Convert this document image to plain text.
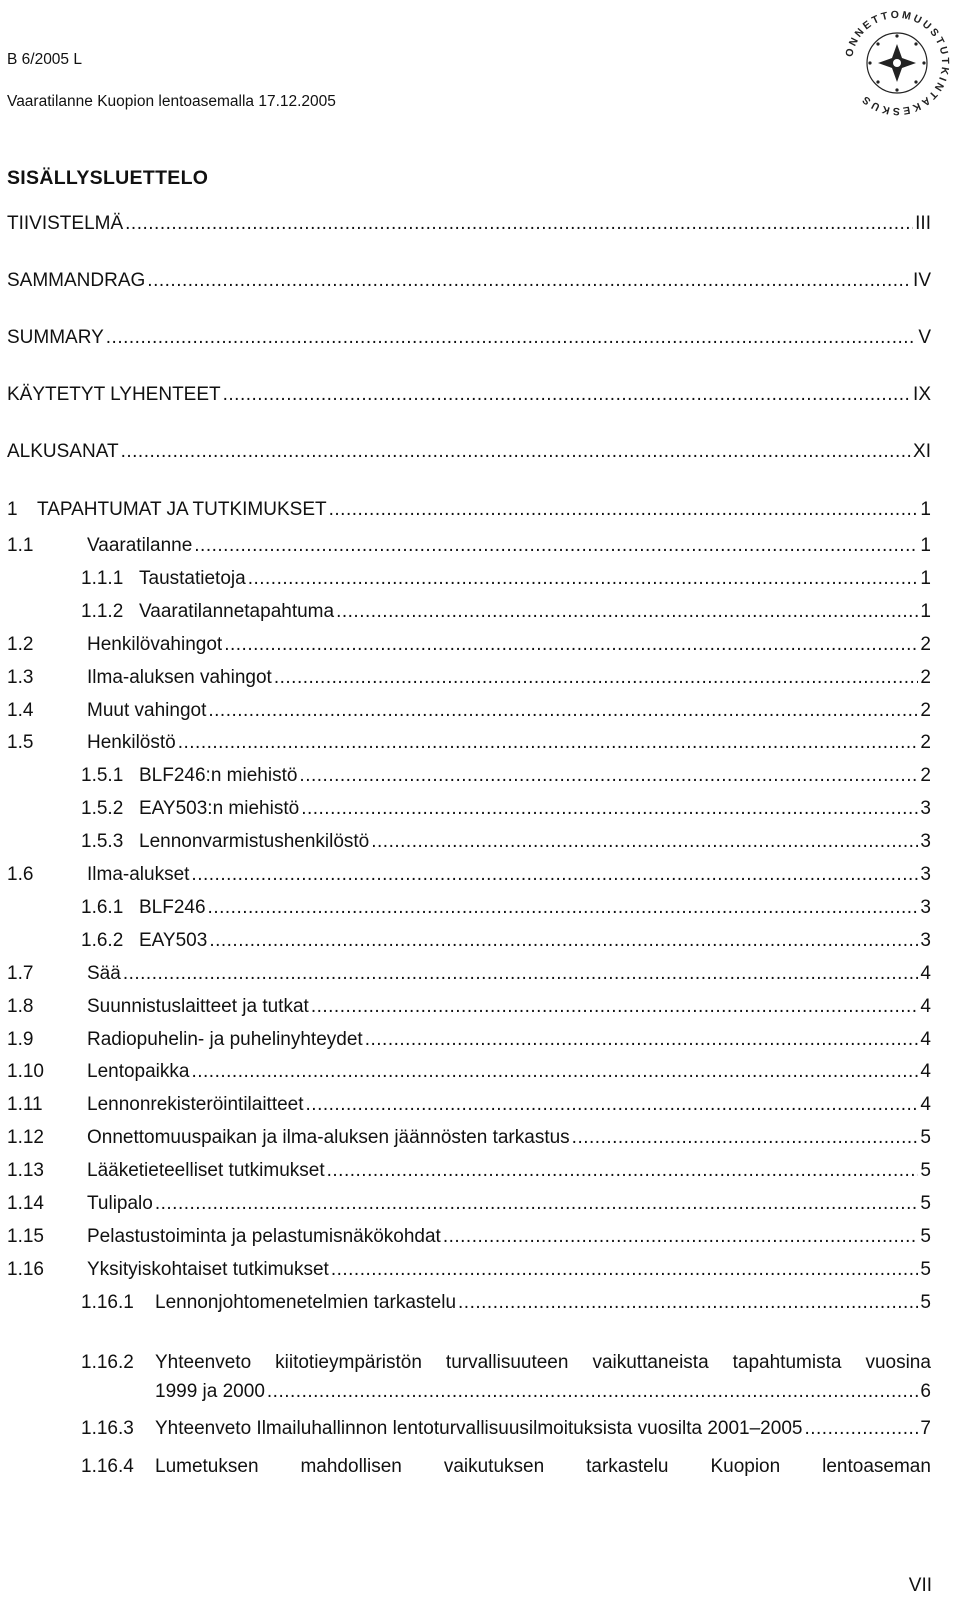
B 6/2005 L
Vaaratilanne Kuopion lentoasemalla 17.12.2005
ONNETTOMUUSTUTKINTAKESKUS
SISÄLLYSLUETTELO
TIIVISTELMÄ .....	III
SAMMANDRAG .....	IV
SUMMARY .....	V
KÄYTETYT LYHENTEET .....	IX
ALKUSANAT .....	XI
1	TAPAHTUMAT JA TUTKIMUKSET .....	1
1.1	Vaaratilanne .....	1
1.1.1 Taustatietoja .....	1
1.1.2 Vaaratilannetapahtuma .....	1
1.2	Henkilövahingot .....	2
1.3	Ilma-aluksen vahingot .....	2
1.4	Muut vahingot .....	2
1.5	Henkilöstö .....	2
1.5.1 BLF246:n miehistö .....	2
1.5.2 EAY503:n miehistö .....	3
1.5.3 Lennonvarmistushenkilöstö .....	3
1.6	Ilma-alukset .....	3
1.6.1 BLF246 .....	3
1.6.2 EAY503 .....	3
1.7	Sää .....	4
1.8	Suunnistuslaitteet ja tutkat .....	4
1.9	Radiopuhelin- ja puhelinyhteydet .....	4
1.10	Lentopaikka .....	4
1.11	Lennonrekisteröintilaitteet .....	4
1.12	Onnettomuuspaikan ja ilma-aluksen jäännösten tarkastus .....	5
1.13	Lääketieteelliset tutkimukset .....	5
1.14	Tulipalo .....	5
1.15	Pelastustoiminta ja pelastumisnäkökohdat .....	5
1.16	Yksityiskohtaiset tutkimukset .....	5
1.16.1	Lennonjohtomenetelmien tarkastelu .....	5
1.16.2	Yhteenveto kiitotieympäristön turvallisuuteen vaikuttaneista tapahtumista vuosina
1999 ja 2000 .....	6
1.16.3	Yhteenveto Ilmailuhallinnon lentoturvallisuusilmoituksista vuosilta 2001–2005 .....	7
1.16.4 Lumetuksen mahdollisen vaikutuksen tarkastelu Kuopion lentoaseman
VII
